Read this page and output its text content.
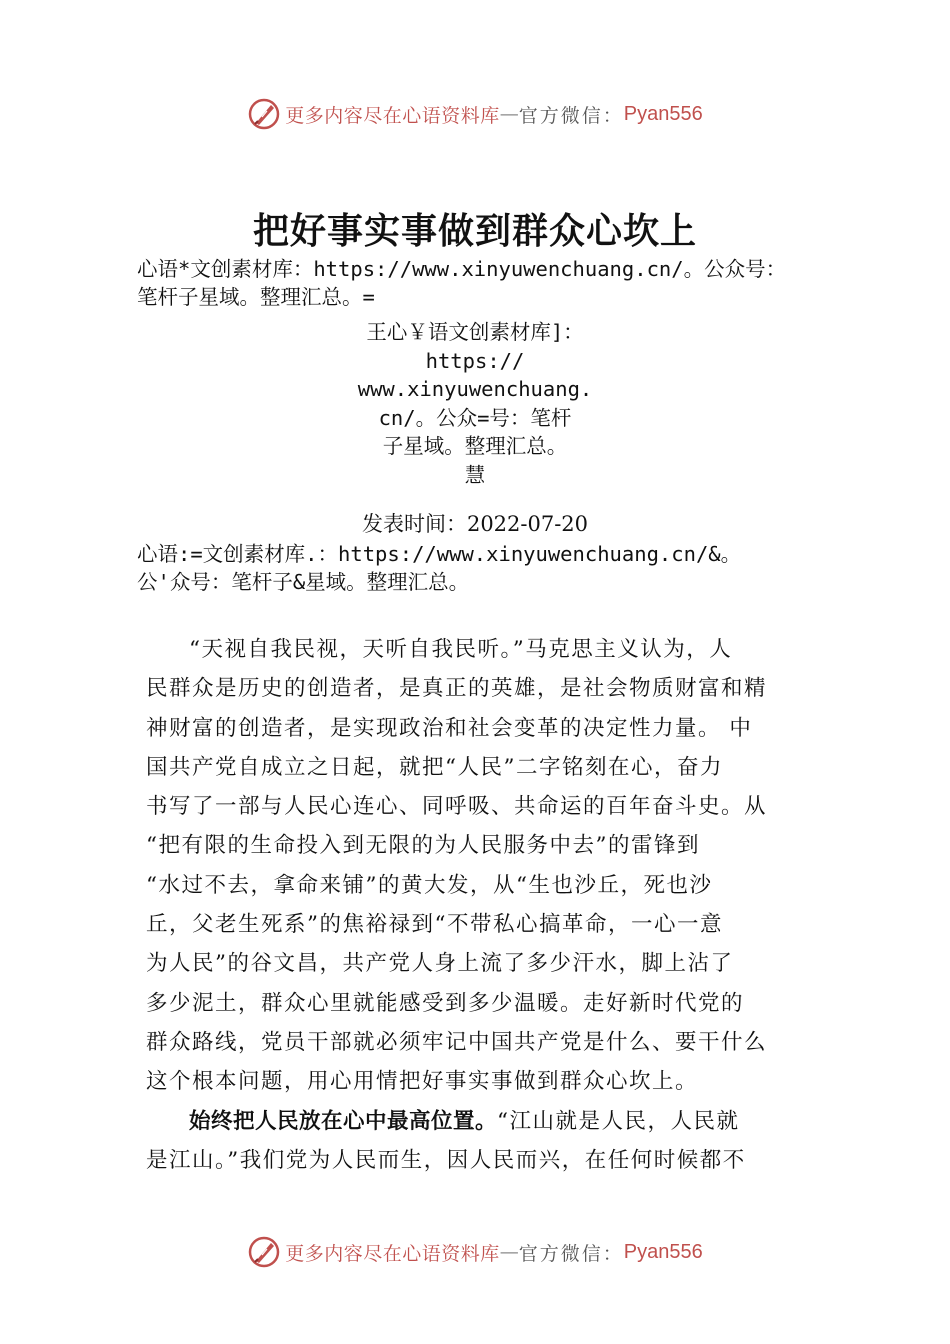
更多内容尽在心语资料库 — 官方微信： Pyan556
把好事实事做到群众心坎上
心语*文创素材库：https://www.xinyuwenchuang.cn/。公众号：
笔杆子星域。整理汇总。=
王心￥语文创素材库]：
https://
www.xinyuwenchuang.
cn/。公众=号：笔杆
子星域。整理汇总。
慧
发表时间：2022-07-20
心语:=文创素材库.：https://www.xinyuwenchuang.cn/&。
公'众号：笔杆子&星域。整理汇总。
“天视自我民视，天听自我民听。”马克思主义认为，人
民群众是历史的创造者，是真正的英雄，是社会物质财富和精
神财富的创造者，是实现政治和社会变革的决定性力量。 中
国共产党自成立之日起，就把“人民”二字铭刻在心，奋力
书写了一部与人民心连心、同呼吸、共命运的百年奋斗史。从
“把有限的生命投入到无限的为人民服务中去”的雷锋到
“水过不去，拿命来铺”的黄大发，从“生也沙丘，死也沙
丘，父老生死系”的焦裕禄到“不带私心搞革命，一心一意
为人民”的谷文昌，共产党人身上流了多少汗水，脚上沾了
多少泥土，群众心里就能感受到多少温暖。走好新时代党的
群众路线，党员干部就必须牢记中国共产党是什么、要干什么
这个根本问题，用心用情把好事实事做到群众心坎上。
始终把人民放在心中最高位置。“江山就是人民，人民就
是江山。”我们党为人民而生，因人民而兴，在任何时候都不
更多内容尽在心语资料库 — 官方微信： Pyan556
